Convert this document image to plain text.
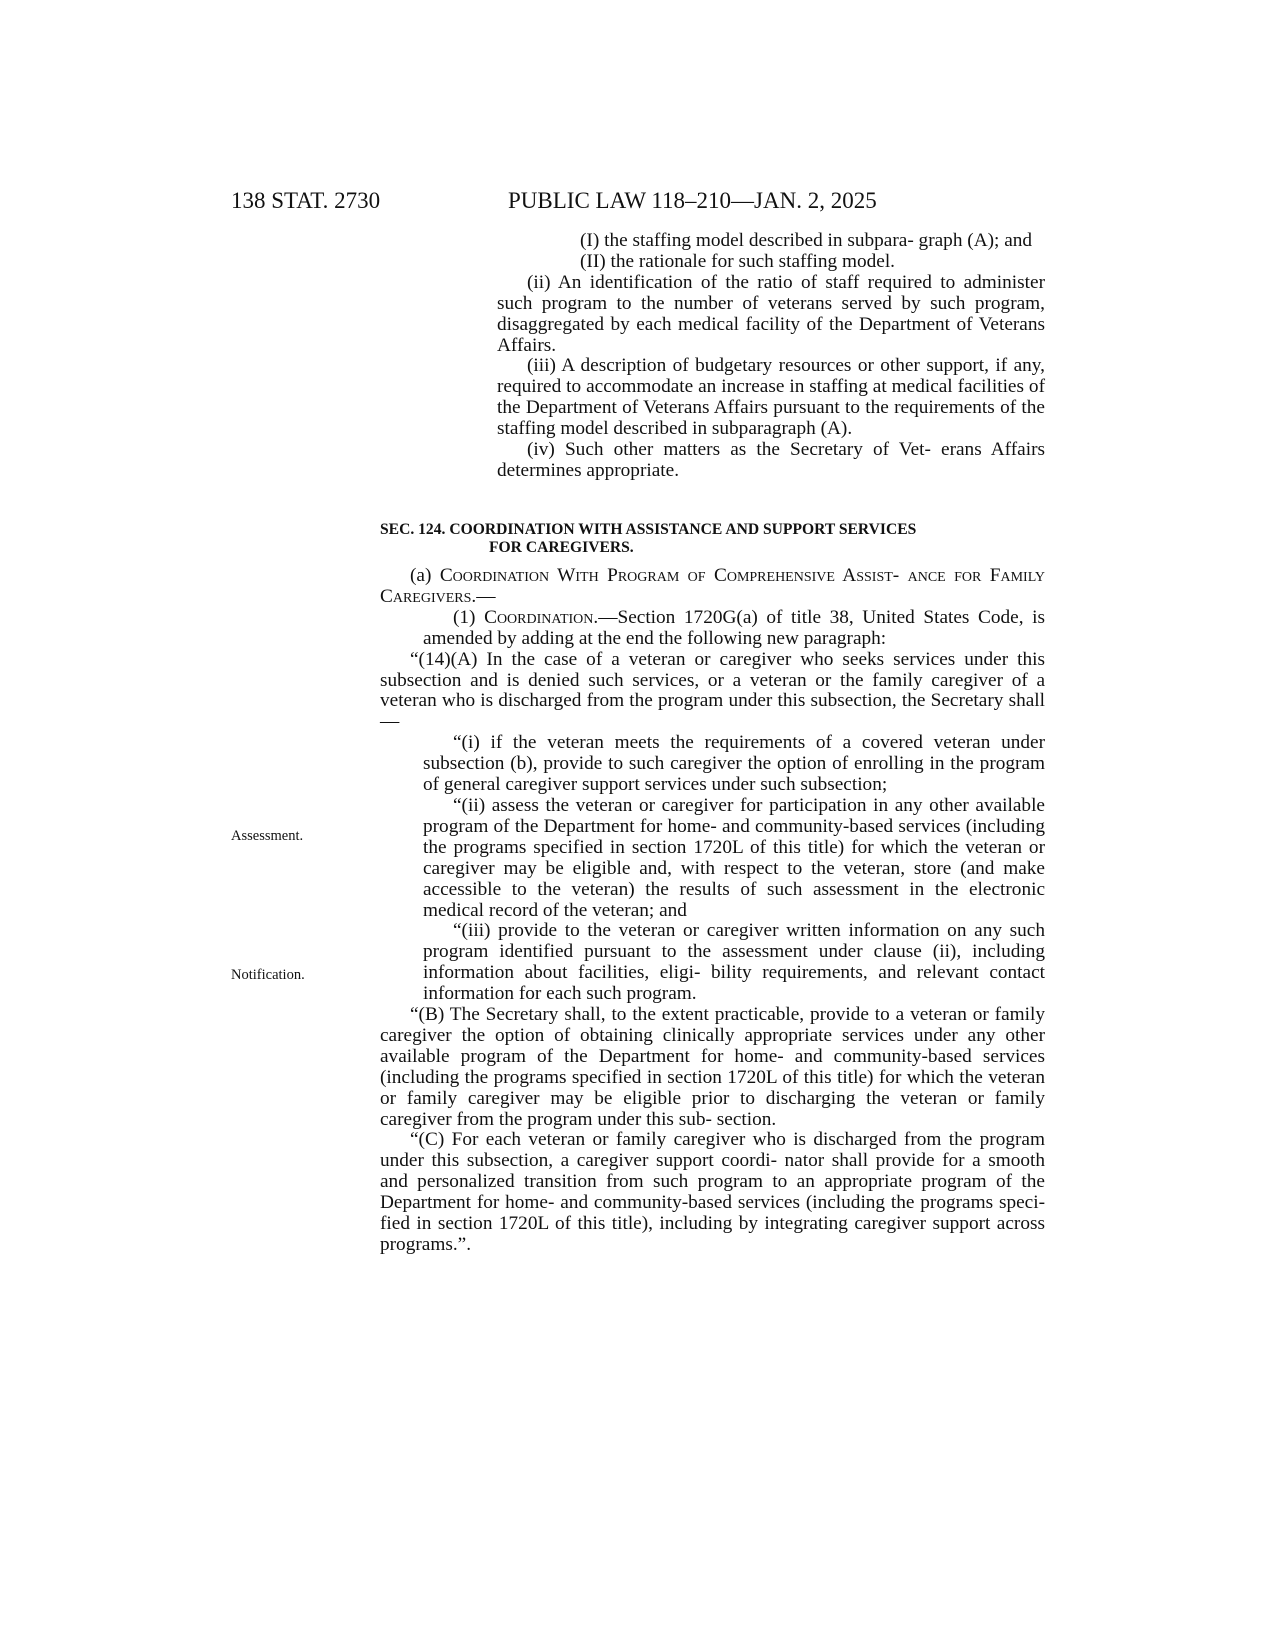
138 STAT. 2730	PUBLIC LAW 118–210—JAN. 2, 2025

(I) the staffing model described in subpara- graph (A); and

(II) the rationale for such staffing model.

(ii) An identification of the ratio of staff required to administer such program to the number of veterans served by such program, disaggregated by each medical facility of the Department of Veterans Affairs.

(iii) A description of budgetary resources or other support, if any, required to accommodate an increase in staffing at medical facilities of the Department of Veterans Affairs pursuant to the requirements of the staffing model described in subparagraph (A).

(iv) Such other matters as the Secretary of Vet- erans Affairs determines appropriate.

SEC. 124. COORDINATION WITH ASSISTANCE AND SUPPORT SERVICES
FOR CAREGIVERS.

(a) Coordination With Program of Comprehensive Assist- ance for Family Caregivers.—

(1) Coordination.—Section 1720G(a) of title 38, United States Code, is amended by adding at the end the following new paragraph:

“(14)(A) In the case of a veteran or caregiver who seeks services under this subsection and is denied such services, or a veteran or the family caregiver of a veteran who is discharged from the program under this subsection, the Secretary shall—

“(i) if the veteran meets the requirements of a covered veteran under subsection (b), provide to such caregiver the option of enrolling in the program of general caregiver support services under such subsection;

“(ii) assess the veteran or caregiver for participation in any other available program of the Department for home- and community-based services (including the programs specified in section 1720L of this title) for which the veteran or caregiver may be eligible and, with respect to the veteran, store (and make accessible to the veteran) the results of such assessment in the electronic medical record of the veteran; and

“(iii) provide to the veteran or caregiver written information on any such program identified pursuant to the assessment under clause (ii), including information about facilities, eligi- bility requirements, and relevant contact information for each such program.

“(B) The Secretary shall, to the extent practicable, provide to a veteran or family caregiver the option of obtaining clinically appropriate services under any other available program of the Department for home- and community-based services (including the programs specified in section 1720L of this title) for which the veteran or family caregiver may be eligible prior to discharging the veteran or family caregiver from the program under this sub- section.

“(C) For each veteran or family caregiver who is discharged from the program under this subsection, a caregiver support coordi- nator shall provide for a smooth and personalized transition from such program to an appropriate program of the Department for home- and community-based services (including the programs speci- fied in section 1720L of this title), including by integrating caregiver support across programs.”.

Assessment.
Notification.
